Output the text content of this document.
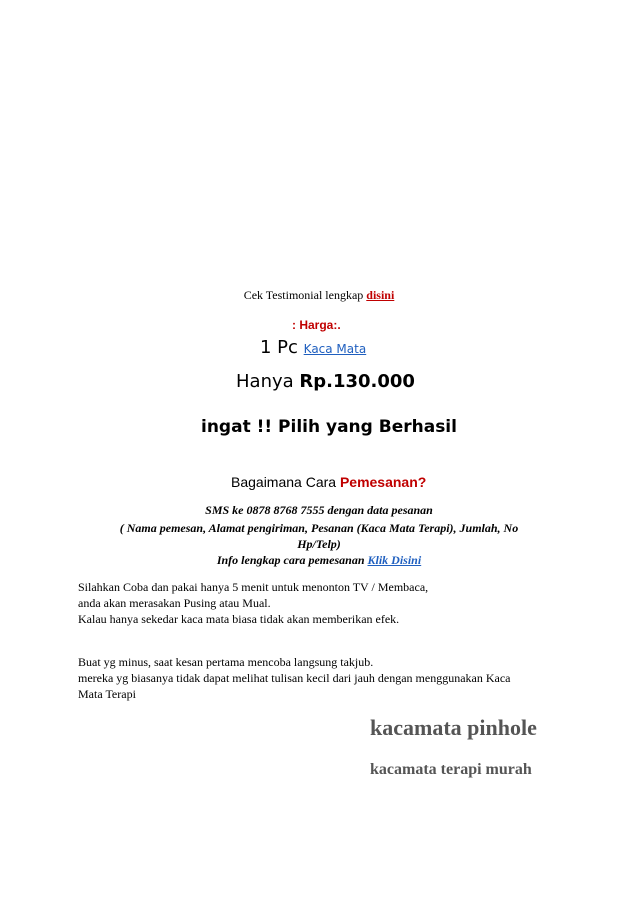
Cek Testimonial lengkap disini
: Harga:.
1 Pc Kaca Mata
Hanya Rp.130.000
ingat !! Pilih yang Berhasil
Bagaimana Cara Pemesanan?
SMS ke 0878 8768 7555 dengan data pesanan
( Nama pemesan, Alamat pengiriman, Pesanan (Kaca Mata Terapi), Jumlah, No
Hp/Telp)
Info lengkap cara pemesanan Klik Disini
Silahkan Coba dan pakai hanya 5 menit untuk menonton TV / Membaca,
anda akan merasakan Pusing atau Mual.
Kalau hanya sekedar kaca mata biasa tidak akan memberikan efek.
Buat yg minus, saat kesan pertama mencoba langsung takjub.
mereka yg biasanya tidak dapat melihat tulisan kecil dari jauh dengan menggunakan Kaca
Mata Terapi
kacamata pinhole
kacamata terapi murah
